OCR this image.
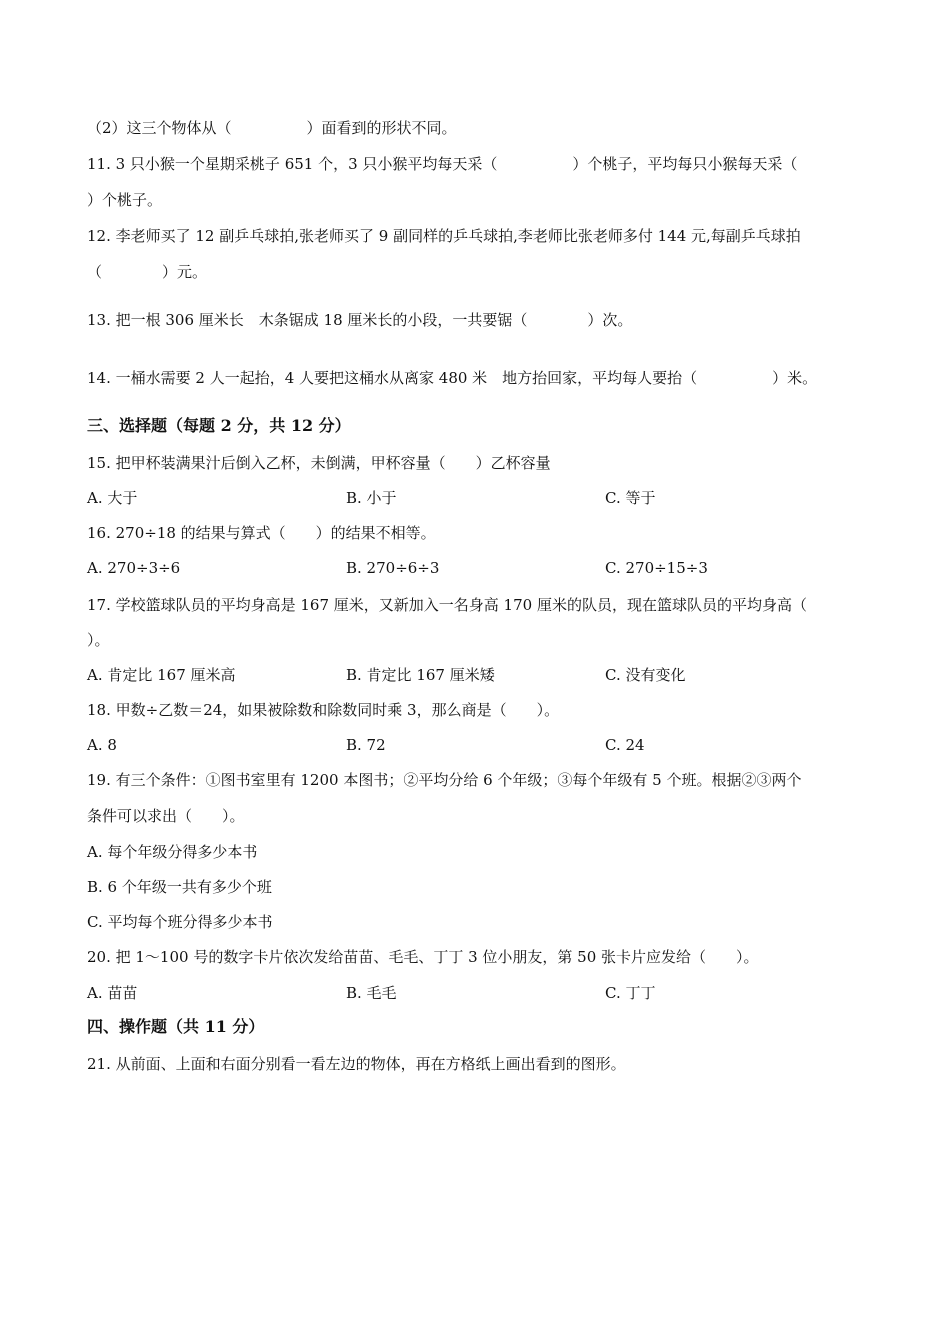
（2）这三个物体从（　　　　　）面看到的形状不同。
11. 3 只小猴一个星期采桃子 651 个，3 只小猴平均每天采（　　　　　）个桃子，平均每只小猴每天采（
）个桃子。
12. 李老师买了 12 副乒乓球拍,张老师买了 9 副同样的乒乓球拍,李老师比张老师多付 144 元,每副乒乓球拍
（　　　　）元。
13. 把一根 306 厘米长　木条锯成 18 厘米长的小段，一共要锯（　　　　）次。
14. 一桶水需要 2 人一起抬，4 人要把这桶水从离家 480 米　地方抬回家，平均每人要抬（　　　　　）米。
三、选择题（每题 2 分，共 12 分）
15. 把甲杯装满果汁后倒入乙杯，未倒满，甲杯容量（　　）乙杯容量
A. 大于	B. 小于	C. 等于
16. 270÷18 的结果与算式（　　）的结果不相等。
A. 270÷3÷6	B. 270÷6÷3	C. 270÷15÷3
17. 学校篮球队员的平均身高是 167 厘米，又新加入一名身高 170 厘米的队员，现在篮球队员的平均身高（
）。
A. 肯定比 167 厘米高	B. 肯定比 167 厘米矮	C. 没有变化
18. 甲数÷乙数＝24，如果被除数和除数同时乘 3，那么商是（　　）。
A. 8	B. 72	C. 24
19. 有三个条件：①图书室里有 1200 本图书；②平均分给 6 个年级；③每个年级有 5 个班。根据②③两个
条件可以求出（　　）。
A. 每个年级分得多少本书
B. 6 个年级一共有多少个班
C. 平均每个班分得多少本书
20. 把 1～100 号的数字卡片依次发给苗苗、毛毛、丁丁 3 位小朋友，第 50 张卡片应发给（　　）。
A. 苗苗	B. 毛毛	C. 丁丁
四、操作题（共 11 分）
21. 从前面、上面和右面分别看一看左边的物体，再在方格纸上画出看到的图形。
